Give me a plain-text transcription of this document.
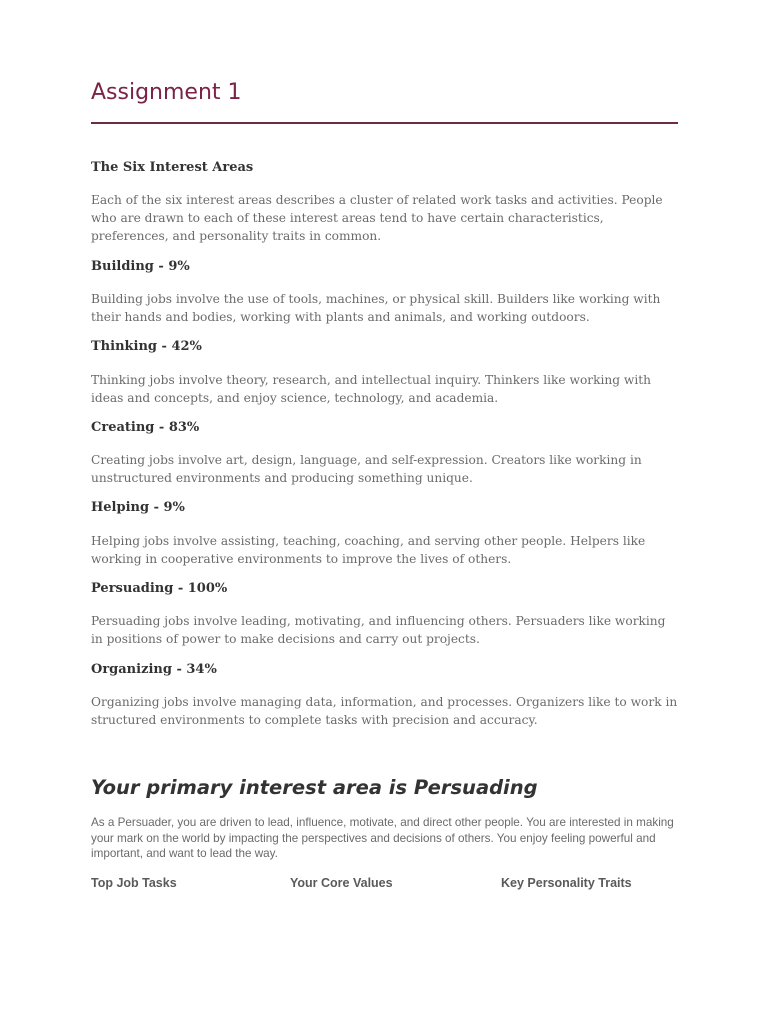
Assignment 1
The Six Interest Areas

Each of the six interest areas describes a cluster of related work tasks and activities. People who are drawn to each of these interest areas tend to have certain characteristics, preferences, and personality traits in common.

Building - 9%

Building jobs involve the use of tools, machines, or physical skill. Builders like working with their hands and bodies, working with plants and animals, and working outdoors.

Thinking - 42%

Thinking jobs involve theory, research, and intellectual inquiry. Thinkers like working with ideas and concepts, and enjoy science, technology, and academia.

Creating - 83%

Creating jobs involve art, design, language, and self-expression. Creators like working in unstructured environments and producing something unique.

Helping - 9%

Helping jobs involve assisting, teaching, coaching, and serving other people. Helpers like working in cooperative environments to improve the lives of others.

Persuading - 100%

Persuading jobs involve leading, motivating, and influencing others. Persuaders like working in positions of power to make decisions and carry out projects.

Organizing - 34%

Organizing jobs involve managing data, information, and processes. Organizers like to work in structured environments to complete tasks with precision and accuracy.

Your primary interest area is Persuading

As a Persuader, you are driven to lead, influence, motivate, and direct other people. You are interested in making your mark on the world by impacting the perspectives and decisions of others. You enjoy feeling powerful and important, and want to lead the way.

Top Job Tasks	Your Core Values	Key Personality Traits
